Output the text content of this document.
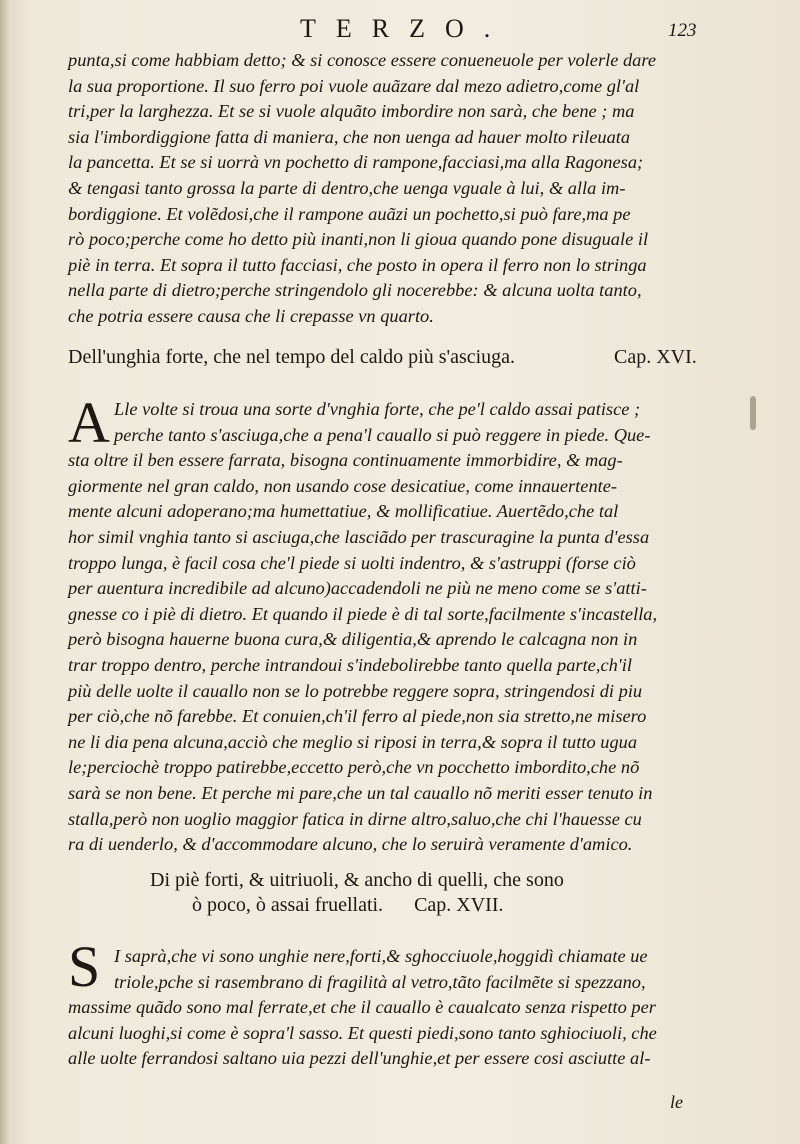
TERZO.	123
punta,si come habbiam detto; & si conosce essere conueneuole per volerle dare
la sua proportione. Il suo ferro poi vuole auãzare dal mezo adietro,come gl'al
tri,per la larghezza. Et se si vuole alquãto imbordire non sarà, che bene ; ma
sia l'imbordiggione fatta di maniera, che non uenga ad hauer molto rileuata
la pancetta. Et se si uorrà vn pochetto di rampone,facciasi,ma alla Ragonesa;
& tengasi tanto grossa la parte di dentro,che uenga vguale à lui, & alla im-
bordiggione. Et volẽdosi,che il rampone auãzi un pochetto,si può fare,ma pe
rò poco;perche come ho detto più inanti,non li gioua quando pone disuguale il
piè in terra. Et sopra il tutto facciasi, che posto in opera il ferro non lo stringa
nella parte di dietro;perche stringendolo gli nocerebbe: & alcuna uolta tanto,
che potria essere causa che li crepasse vn quarto.
Dell'unghia forte, che nel tempo del caldo più s'asciuga.	Cap. XVI.
A Lle volte si troua una sorte d'vnghia forte, che pe'l caldo assai patisce ;
perche tanto s'asciuga,che a pena'l cauallo si può reggere in piede. Que-
sta oltre il ben essere farrata, bisogna continuamente immorbidire, & mag-
giormente nel gran caldo, non usando cose desicatiue, come innauertente-
mente alcuni adoperano;ma humettatiue, & mollificatiue. Auertẽdo,che tal
hor simil vnghia tanto si asciuga,che lasciãdo per trascuragine la punta d'essa
troppo lunga, è facil cosa che'l piede si uolti indentro, & s'astruppi (forse ciò
per auentura incredibile ad alcuno)accadendoli ne più ne meno come se s'atti-
gnesse co i piè di dietro. Et quando il piede è di tal sorte,facilmente s'incastella,
però bisogna hauerne buona cura,& diligentia,& aprendo le calcagna non in
trar troppo dentro, perche intrandoui s'indebolirebbe tanto quella parte,ch'il
più delle uolte il cauallo non se lo potrebbe reggere sopra, stringendosi di piu
per ciò,che nõ farebbe. Et conuien,ch'il ferro al piede,non sia stretto,ne misero
ne li dia pena alcuna,acciò che meglio si riposi in terra,& sopra il tutto ugua
le;perciochè troppo patirebbe,eccetto però,che vn pocchetto imbordito,che nõ
sarà se non bene. Et perche mi pare,che un tal cauallo nõ meriti esser tenuto in
stalla,però non uoglio maggior fatica in dirne altro,saluo,che chi l'hauesse cu
ra di uenderlo, & d'accommodare alcuno, che lo seruirà veramente d'amico.
Di piè forti, & uitriuoli, & ancho di quelli, che sono
ò poco, ò assai fruellati. Cap. XVII.
S I saprà,che vi sono unghie nere,forti,& sghocciuole,hoggidì chiamate ue
triole,pche si rasembrano di fragilità al vetro,tãto facilmẽte si spezzano,
massime quãdo sono mal ferrate,et che il cauallo è caualcato senza rispetto per
alcuni luoghi,si come è sopra'l sasso. Et questi piedi,sono tanto sghiociuoli, che
alle uolte ferrandosi saltano uia pezzi dell'unghie,et per essere cosi asciutte al-
le
